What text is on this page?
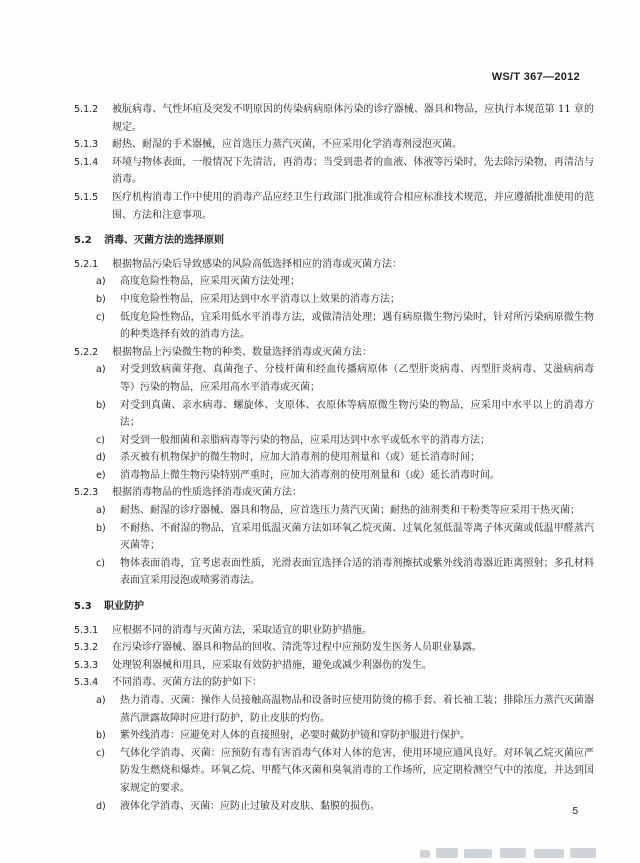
WS/T 367—2012
5.1.2 被朊病毒、气性坏疽及突发不明原因的传染病病原体污染的诊疗器械、器具和物品，应执行本规范第 11 章的规定。
5.1.3 耐热、耐湿的手术器械，应首选压力蒸汽灭菌，不应采用化学消毒剂浸泡灭菌。
5.1.4 环境与物体表面，一般情况下先清洁，再消毒；当受到患者的血液、体液等污染时，先去除污染物，再清洁与消毒。
5.1.5 医疗机构消毒工作中使用的消毒产品应经卫生行政部门批准或符合相应标准技术规范，并应遵循批准使用的范围、方法和注意事项。
5.2 消毒、灭菌方法的选择原则
5.2.1 根据物品污染后导致感染的风险高低选择相应的消毒或灭菌方法：
a) 高度危险性物品，应采用灭菌方法处理；
b) 中度危险性物品，应采用达到中水平消毒以上效果的消毒方法；
c) 低度危险性物品，宜采用低水平消毒方法，或做清洁处理；遇有病原微生物污染时，针对所污染病原微生物的种类选择有效的消毒方法。
5.2.2 根据物品上污染微生物的种类、数量选择消毒或灭菌方法：
a) 对受到致病菌芽孢、真菌孢子、分枝杆菌和经血传播病原体（乙型肝炎病毒、丙型肝炎病毒、艾滋病病毒等）污染的物品，应采用高水平消毒或灭菌；
b) 对受到真菌、亲水病毒、螺旋体、支原体、衣原体等病原微生物污染的物品，应采用中水平以上的消毒方法；
c) 对受到一般细菌和亲脂病毒等污染的物品，应采用达到中水平或低水平的消毒方法；
d) 杀灭被有机物保护的微生物时，应加大消毒剂的使用剂量和（或）延长消毒时间；
e) 消毒物品上微生物污染特别严重时，应加大消毒剂的使用剂量和（或）延长消毒时间。
5.2.3 根据消毒物品的性质选择消毒或灭菌方法：
a) 耐热、耐湿的诊疗器械、器具和物品，应首选压力蒸汽灭菌；耐热的油剂类和干粉类等应采用干热灭菌；
b) 不耐热、不耐湿的物品，宜采用低温灭菌方法如环氧乙烷灭菌、过氧化氢低温等离子体灭菌或低温甲醛蒸汽灭菌等；
c) 物体表面消毒，宜考虑表面性质，光滑表面宜选择合适的消毒剂擦拭或紫外线消毒器近距离照射；多孔材料表面宜采用浸泡或喷雾消毒法。
5.3 职业防护
5.3.1 应根据不同的消毒与灭菌方法，采取适宜的职业防护措施。
5.3.2 在污染诊疗器械、器具和物品的回收、清洗等过程中应预防发生医务人员职业暴露。
5.3.3 处理锐利器械和用具，应采取有效防护措施，避免或减少利器伤的发生。
5.3.4 不同消毒、灭菌方法的防护如下：
a) 热力消毒、灭菌：操作人员接触高温物品和设备时应使用防烫的棉手套、着长袖工装；排除压力蒸汽灭菌器蒸汽泄露故障时应进行防护，防止皮肤的灼伤。
b) 紫外线消毒：应避免对人体的直接照射，必要时戴防护镜和穿防护服进行保护。
c) 气体化学消毒、灭菌：应预防有毒有害消毒气体对人体的危害，使用环境应通风良好。对环氧乙烷灭菌应严防发生燃烧和爆炸。环氧乙烷、甲醛气体灭菌和臭氧消毒的工作场所，应定期检测空气中的浓度，并达到国家规定的要求。
d) 液体化学消毒、灭菌：应防止过敏及对皮肤、黏膜的损伤。	5
